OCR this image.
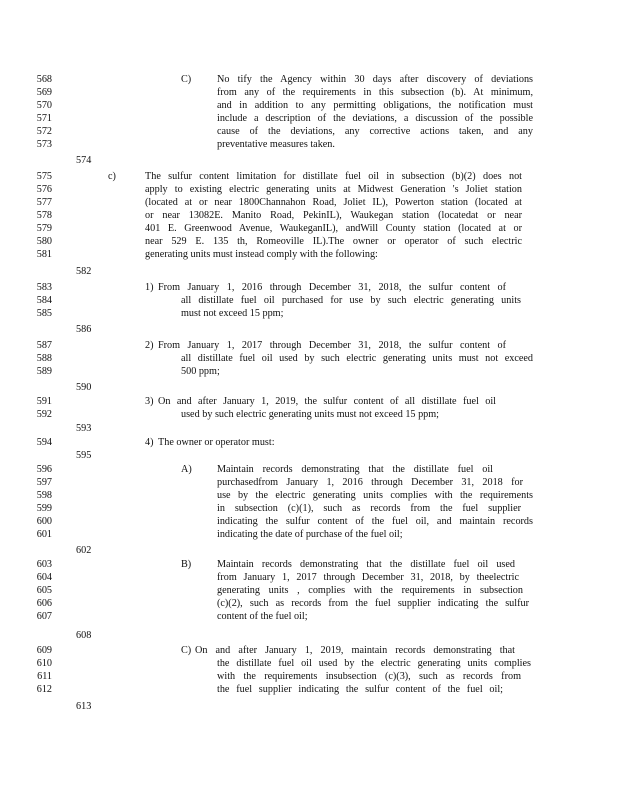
568	C)	No tify the Agency within 30 days after discovery of deviations
569	from any of the requirements in this subsection (b). At minimum,
570	and in addition to any permitting obligations, the notification must
571	include a description of the deviations, a discussion of the possible
572	cause of the deviations, any corrective actions taken, and any
573	preventative measures taken.
574
575	c)	The sulfur content limitation for distillate fuel oil in subsection (b)(2) does not
576	apply to existing electric generating units at Midwest Generation 's Joliet station
577	(located at or near 1800Channahon Road, Joliet IL), Powerton station (located at
578	or near 13082E. Manito Road, PekinIL), Waukegan station (locatedat or near
579	401 E. Greenwood Avenue, WaukeganIL), andWill County station (located at or
580	near 529 E. 135 th, Romeoville IL).The owner or operator of such electric
581	generating units must instead comply with the following:
582
583	1) From January 1, 2016 through December 31, 2018, the sulfur content of
584	all distillate fuel oil purchased for use by such electric generating units
585	must not exceed 15 ppm;
586
587	2) From January 1, 2017 through December 31, 2018, the sulfur content of
588	all distillate fuel oil used by such electric generating units must not exceed
589	500 ppm;
590
591	3) On and after January 1, 2019, the sulfur content of all distillate fuel oil
592	used by such electric generating units must not exceed 15 ppm;
593
594	4) The owner or operator must:
595
596	A) Maintain records demonstrating that the distillate fuel oil
597	purchasedfrom January 1, 2016 through December 31, 2018 for
598	use by the electric generating units complies with the requirements
599	in subsection (c)(1), such as records from the fuel supplier
600	indicating the sulfur content of the fuel oil, and maintain records
601	indicating the date of purchase of the fuel oil;
602
603	B)	Maintain records demonstrating that the distillate fuel oil used
604	from January 1, 2017 through December 31, 2018, by theelectric
605	generating units , complies with the requirements in subsection
606	(c)(2), such as records from the fuel supplier indicating the sulfur
607	content of the fuel oil;
608
609	C) On and after January 1, 2019, maintain records demonstrating that
610	the distillate fuel oil used by the electric generating units complies
611	with the requirements insubsection (c)(3), such as records from
612	the fuel supplier indicating the sulfur content of the fuel oil;
613
